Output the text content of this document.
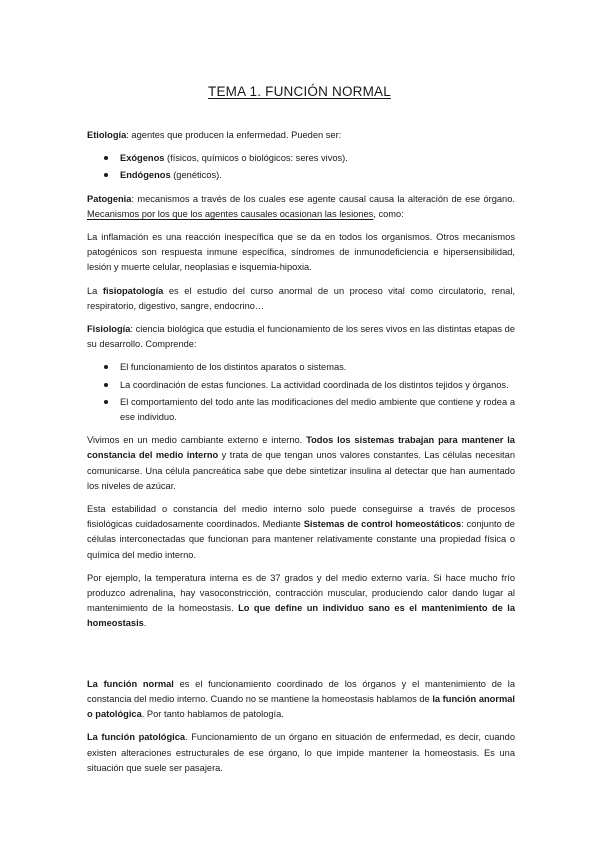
TEMA 1. FUNCIÓN NORMAL

Etiología: agentes que producen la enfermedad. Pueden ser:

Exógenos (físicos, químicos o biológicos: seres vivos).
Endógenos (genéticos).

Patogenia: mecanismos a través de los cuales ese agente causal causa la alteración de ese órgano. Mecanismos por los que los agentes causales ocasionan las lesiones, como:

La inflamación es una reacción inespecífica que se da en todos los organismos. Otros mecanismos patogénicos son respuesta inmune específica, síndromes de inmunodeficiencia e hipersensibilidad, lesión y muerte celular, neoplasias e isquemia-hipoxia.

La fisiopatología es el estudio del curso anormal de un proceso vital como circulatorio, renal, respiratorio, digestivo, sangre, endocrino…

Fisiología: ciencia biológica que estudia el funcionamiento de los seres vivos en las distintas etapas de su desarrollo. Comprende:

El funcionamiento de los distintos aparatos o sistemas.
La coordinación de estas funciones. La actividad coordinada de los distintos tejidos y órganos.
El comportamiento del todo ante las modificaciones del medio ambiente que contiene y rodea a ese individuo.

Vivimos en un medio cambiante externo e interno. Todos los sistemas trabajan para mantener la constancia del medio interno y trata de que tengan unos valores constantes. Las células necesitan comunicarse. Una célula pancreática sabe que debe sintetizar insulina al detectar que han aumentado los niveles de azúcar.

Esta estabilidad o constancia del medio interno solo puede conseguirse a través de procesos fisiológicas cuidadosamente coordinados. Mediante Sistemas de control homeostáticos: conjunto de células interconectadas que funcionan para mantener relativamente constante una propiedad física o química del medio interno.

Por ejemplo, la temperatura interna es de 37 grados y del medio externo varía. Si hace mucho frío produzco adrenalina, hay vasoconstricción, contracción muscular, produciendo calor dando lugar al mantenimiento de la homeostasis. Lo que define un individuo sano es el mantenimiento de la homeostasis.

La función normal es el funcionamiento coordinado de los órganos y el mantenimiento de la constancia del medio interno. Cuando no se mantiene la homeostasis hablamos de la función anormal o patológica. Por tanto hablamos de patología.

La función patológica. Funcionamiento de un órgano en situación de enfermedad, es decir, cuando existen alteraciones estructurales de ese órgano, lo que impide mantener la homeostasis. Es una situación que suele ser pasajera.
